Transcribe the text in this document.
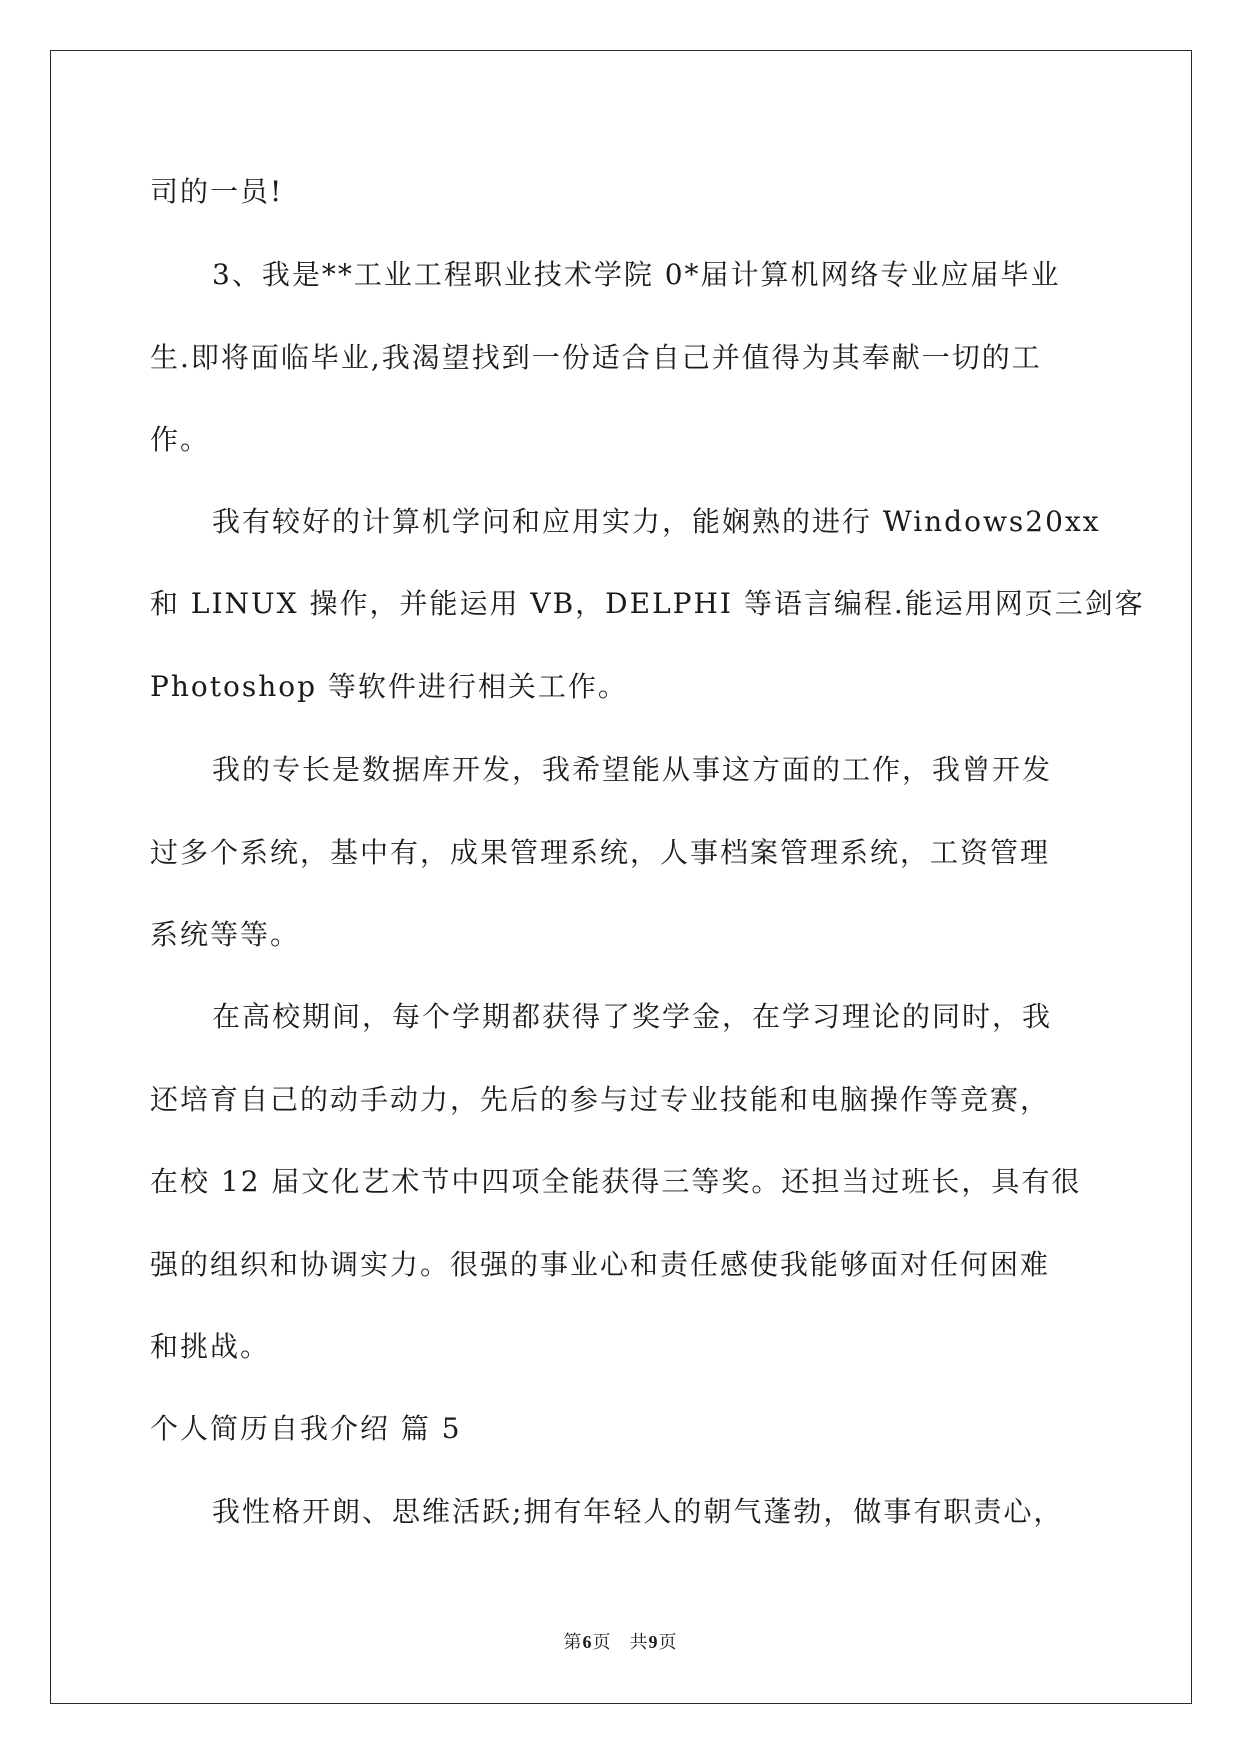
司的一员!
3、我是**工业工程职业技术学院 0*届计算机网络专业应届毕业
生.即将面临毕业,我渴望找到一份适合自己并值得为其奉献一切的工
作。
我有较好的计算机学问和应用实力，能娴熟的进行 Windows20xx
和 LINUX 操作，并能运用 VB，DELPHI 等语言编程.能运用网页三剑客
Photoshop 等软件进行相关工作。
我的专长是数据库开发，我希望能从事这方面的工作，我曾开发
过多个系统，基中有，成果管理系统，人事档案管理系统，工资管理
系统等等。
在高校期间，每个学期都获得了奖学金，在学习理论的同时，我
还培育自己的动手动力，先后的参与过专业技能和电脑操作等竞赛，
在校 12 届文化艺术节中四项全能获得三等奖。还担当过班长，具有很
强的组织和协调实力。很强的事业心和责任感使我能够面对任何困难
和挑战。
个人简历自我介绍 篇 5
我性格开朗、思维活跃;拥有年轻人的朝气蓬勃，做事有职责心，
第6页 共9页
